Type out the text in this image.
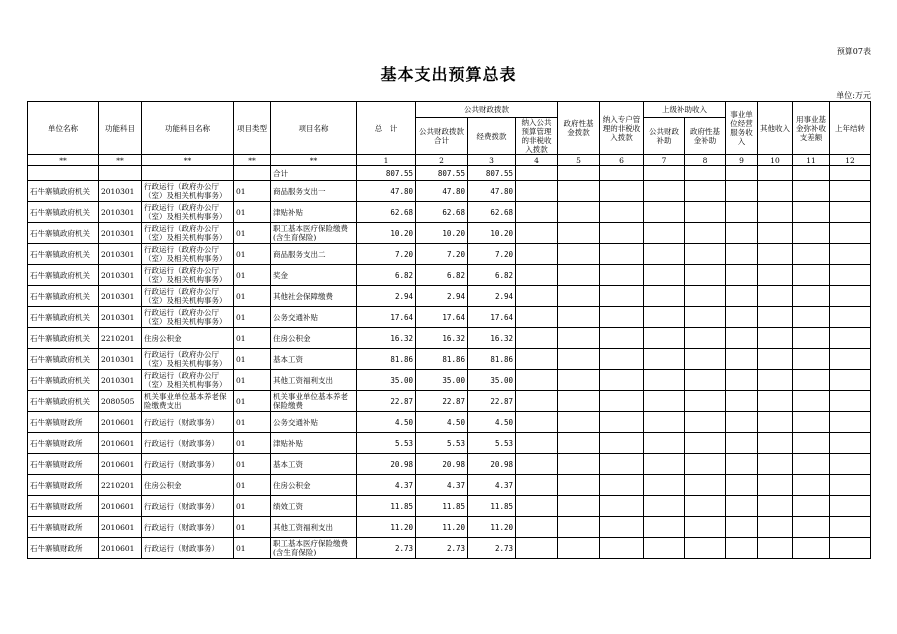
预算07表
基本支出预算总表
单位:万元
单位名称	功能科目	功能科目名称	项目类型	项目名称	总　计	公共财政拨款			政府性基金拨款	纳入专户管理的非税收入拨款	上级补助收入		事业单位经营服务收入	其他收入	用事业基金弥补收支差额	上年结转
						公共财政拨款合计	经费拨款	纳入公共预算管理的非税收入拨款								
											公共财政补助	政府性基金补助				
**	**	**	**	**	1	2	3	4	5	6	7	8	9	10	11	12
				合计	807.55	807.55	807.55									
石牛寨镇政府机关	2010301	行政运行（政府办公厅（室）及相关机构事务）	01	商品服务支出一	47.80	47.80	47.80									
石牛寨镇政府机关	2010301	行政运行（政府办公厅（室）及相关机构事务）	01	津贴补贴	62.68	62.68	62.68									
石牛寨镇政府机关	2010301	行政运行（政府办公厅（室）及相关机构事务）	01	职工基本医疗保险缴费(含生育保险)	10.20	10.20	10.20									
石牛寨镇政府机关	2010301	行政运行（政府办公厅（室）及相关机构事务）	01	商品服务支出二	7.20	7.20	7.20									
石牛寨镇政府机关	2010301	行政运行（政府办公厅（室）及相关机构事务）	01	奖金	6.82	6.82	6.82									
石牛寨镇政府机关	2010301	行政运行（政府办公厅（室）及相关机构事务）	01	其他社会保障缴费	2.94	2.94	2.94									
石牛寨镇政府机关	2010301	行政运行（政府办公厅（室）及相关机构事务）	01	公务交通补贴	17.64	17.64	17.64									
石牛寨镇政府机关	2210201	住房公积金	01	住房公积金	16.32	16.32	16.32									
石牛寨镇政府机关	2010301	行政运行（政府办公厅（室）及相关机构事务）	01	基本工资	81.86	81.86	81.86									
石牛寨镇政府机关	2010301	行政运行（政府办公厅（室）及相关机构事务）	01	其他工资福利支出	35.00	35.00	35.00									
石牛寨镇政府机关	2080505	机关事业单位基本养老保险缴费支出	01	机关事业单位基本养老保险缴费	22.87	22.87	22.87									
石牛寨镇财政所	2010601	行政运行（财政事务）	01	公务交通补贴	4.50	4.50	4.50									
石牛寨镇财政所	2010601	行政运行（财政事务）	01	津贴补贴	5.53	5.53	5.53									
石牛寨镇财政所	2010601	行政运行（财政事务）	01	基本工资	20.98	20.98	20.98									
石牛寨镇财政所	2210201	住房公积金	01	住房公积金	4.37	4.37	4.37									
石牛寨镇财政所	2010601	行政运行（财政事务）	01	绩效工资	11.85	11.85	11.85									
石牛寨镇财政所	2010601	行政运行（财政事务）	01	其他工资福利支出	11.20	11.20	11.20									
石牛寨镇财政所	2010601	行政运行（财政事务）	01	职工基本医疗保险缴费(含生育保险)	2.73	2.73	2.73									
